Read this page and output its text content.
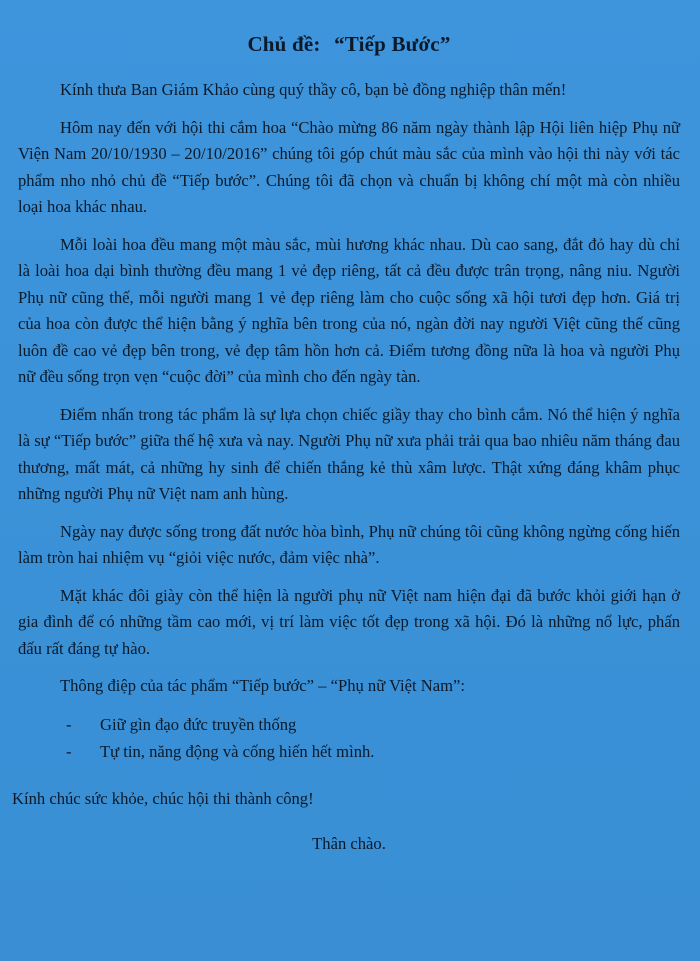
Chủ đề: “Tiếp Bước”

Kính thưa Ban Giám Khảo cùng quý thầy cô, bạn bè đồng nghiệp thân mến!

Hôm nay đến với hội thi cắm hoa “Chào mừng 86 năm ngày thành lập Hội liên hiệp Phụ nữ Viện Nam 20/10/1930 – 20/10/2016” chúng tôi góp chút màu sắc của mình vào hội thi này với tác phẩm nho nhỏ chủ đề “Tiếp bước”. Chúng tôi đã chọn và chuẩn bị không chí một mà còn nhiều loại hoa khác nhau.

Mỗi loài hoa đều mang một màu sắc, mùi hương khác nhau. Dù cao sang, đắt đỏ hay dù chỉ là loài hoa dại bình thường đều mang 1 vẻ đẹp riêng, tất cả đều được trân trọng, nâng niu. Người Phụ nữ cũng thế, mỗi người mang 1 vẻ đẹp riêng làm cho cuộc sống xã hội tươi đẹp hơn. Giá trị của hoa còn được thể hiện bằng ý nghĩa bên trong của nó, ngàn đời nay người Việt cũng thế cũng luôn đề cao vẻ đẹp bên trong, vẻ đẹp tâm hồn hơn cả. Điểm tương đồng nữa là hoa và người Phụ nữ đều sống trọn vẹn “cuộc đời” của mình cho đến ngày tàn.

Điểm nhấn trong tác phẩm là sự lựa chọn chiếc giầy thay cho bình cắm. Nó thể hiện ý nghĩa là sự “Tiếp bước” giữa thế hệ xưa và nay. Người Phụ nữ xưa phải trải qua bao nhiêu năm tháng đau thương, mất mát, cả những hy sinh để chiến thắng kẻ thù xâm lược. Thật xứng đáng khâm phục những người Phụ nữ Việt nam anh hùng.

Ngày nay được sống trong đất nước hòa bình, Phụ nữ chúng tôi cũng không ngừng cống hiến làm tròn hai nhiệm vụ “giỏi việc nước, đảm việc nhà”.

Mặt khác đôi giày còn thể hiện là người phụ nữ Việt nam hiện đại đã bước khỏi giới hạn ở gia đình để có những tầm cao mới, vị trí làm việc tốt đẹp trong xã hội. Đó là những nổ lực, phấn đấu rất đáng tự hào.

Thông điệp của tác phẩm “Tiếp bước” – “Phụ nữ Việt Nam”:

-	Giữ gìn đạo đức truyền thống
-	Tự tin, năng động và cống hiến hết mình.

Kính chúc sức khỏe, chúc hội thi thành công!

Thân chào.
